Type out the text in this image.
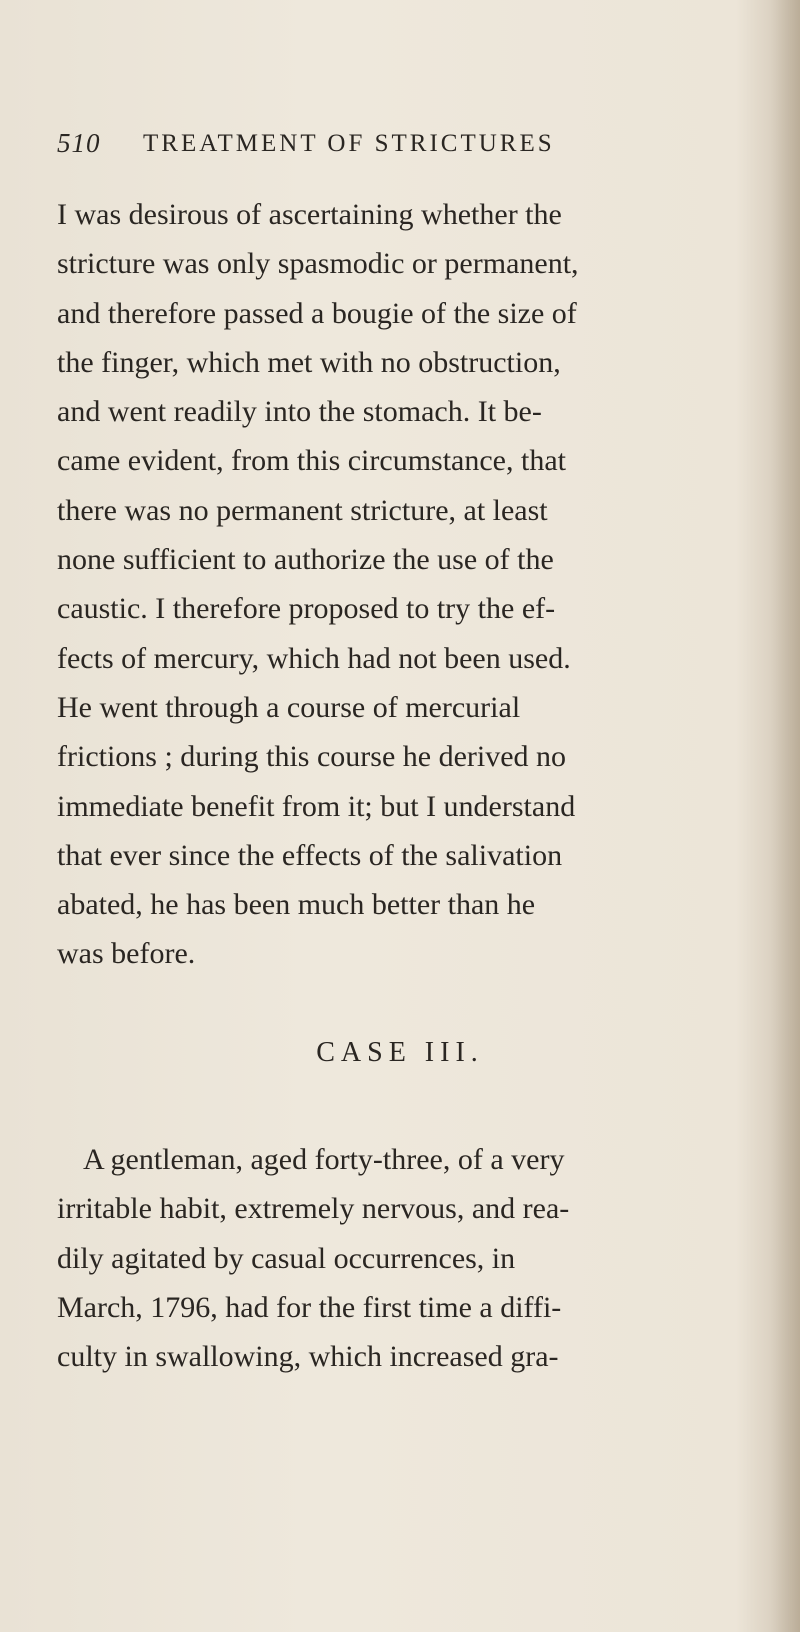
510 TREATMENT OF STRICTURES
I was desirous of ascertaining whether the
stricture was only spasmodic or permanent,
and therefore passed a bougie of the size of
the finger, which met with no obstruction,
and went readily into the stomach. It be-
came evident, from this circumstance, that
there was no permanent stricture, at least
none sufficient to authorize the use of the
caustic. I therefore proposed to try the ef-
fects of mercury, which had not been used.
He went through a course of mercurial
frictions ; during this course he derived no
immediate benefit from it; but I understand
that ever since the effects of the salivation
abated, he has been much better than he
was before.
CASE III.
A gentleman, aged forty-three, of a very
irritable habit, extremely nervous, and rea-
dily agitated by casual occurrences, in
March, 1796, had for the first time a diffi-
culty in swallowing, which increased gra-
